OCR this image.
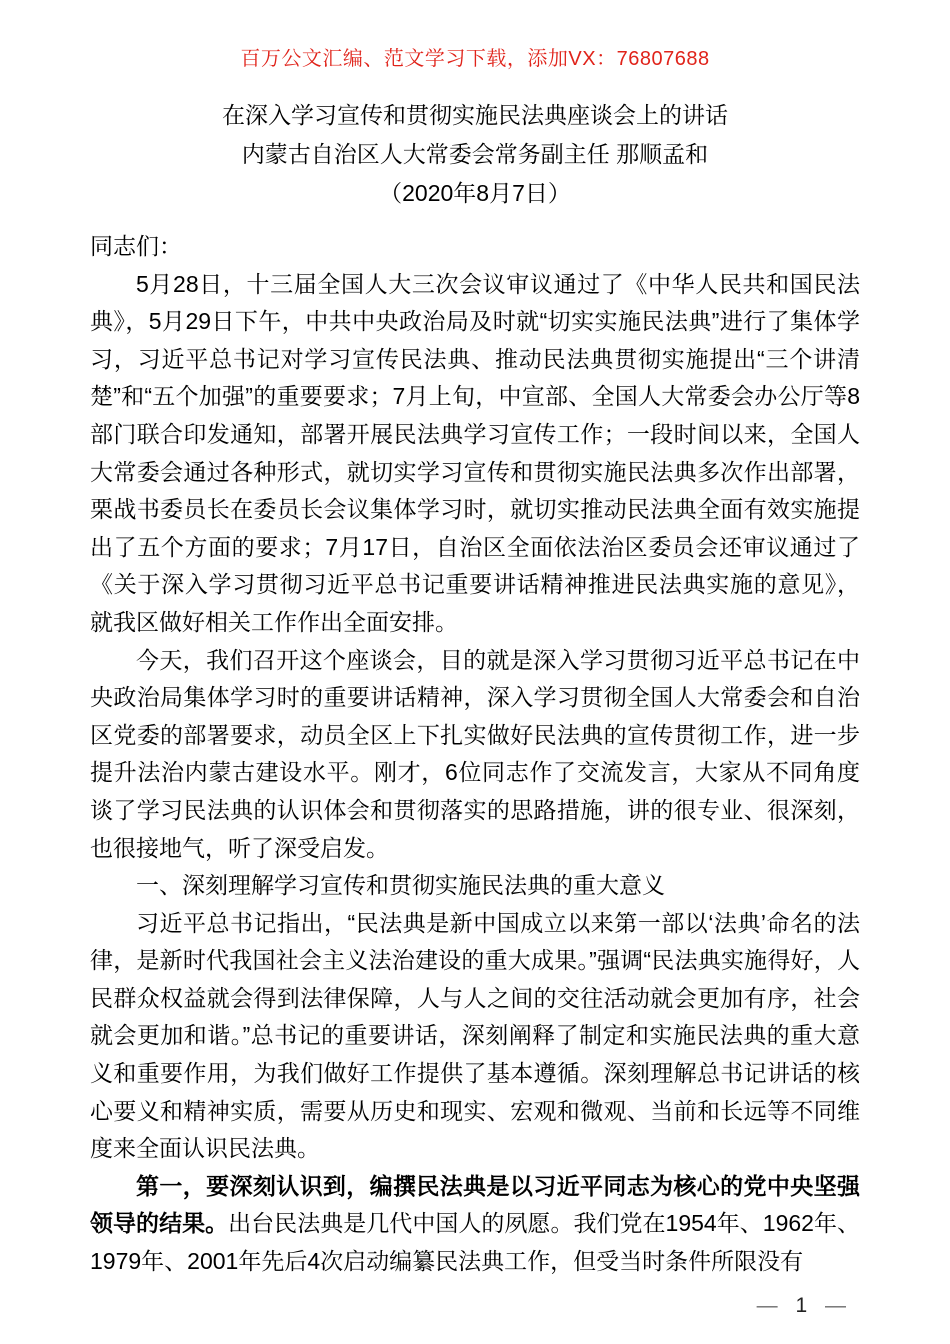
百万公文汇编、范文学习下载，添加VX：76807688
在深入学习宣传和贯彻实施民法典座谈会上的讲话
内蒙古自治区人大常委会常务副主任 那顺孟和
（2020年8月7日）

同志们：

5月28日，十三届全国人大三次会议审议通过了《中华人民共和国民法典》，5月29日下午，中共中央政治局及时就“切实实施民法典”进行了集体学习，习近平总书记对学习宣传民法典、推动民法典贯彻实施提出“三个讲清楚”和“五个加强”的重要要求；7月上旬，中宣部、全国人大常委会办公厅等8部门联合印发通知，部署开展民法典学习宣传工作；一段时间以来，全国人大常委会通过各种形式，就切实学习宣传和贯彻实施民法典多次作出部署，栗战书委员长在委员长会议集体学习时，就切实推动民法典全面有效实施提出了五个方面的要求；7月17日，自治区全面依法治区委员会还审议通过了《关于深入学习贯彻习近平总书记重要讲话精神推进民法典实施的意见》，就我区做好相关工作作出全面安排。

今天，我们召开这个座谈会，目的就是深入学习贯彻习近平总书记在中央政治局集体学习时的重要讲话精神，深入学习贯彻全国人大常委会和自治区党委的部署要求，动员全区上下扎实做好民法典的宣传贯彻工作，进一步提升法治内蒙古建设水平。刚才，6位同志作了交流发言，大家从不同角度谈了学习民法典的认识体会和贯彻落实的思路措施，讲的很专业、很深刻，也很接地气，听了深受启发。

一、深刻理解学习宣传和贯彻实施民法典的重大意义

习近平总书记指出，“民法典是新中国成立以来第一部以‘法典’命名的法律，是新时代我国社会主义法治建设的重大成果。”强调“民法典实施得好，人民群众权益就会得到法律保障，人与人之间的交往活动就会更加有序，社会就会更加和谐。”总书记的重要讲话，深刻阐释了制定和实施民法典的重大意义和重要作用，为我们做好工作提供了基本遵循。深刻理解总书记讲话的核心要义和精神实质，需要从历史和现实、宏观和微观、当前和长远等不同维度来全面认识民法典。

第一，要深刻认识到，编撰民法典是以习近平同志为核心的党中央坚强领导的结果。出台民法典是几代中国人的夙愿。我们党在1954年、1962年、1979年、2001年先后4次启动编纂民法典工作，但受当时条件所限没有

— 1 —
